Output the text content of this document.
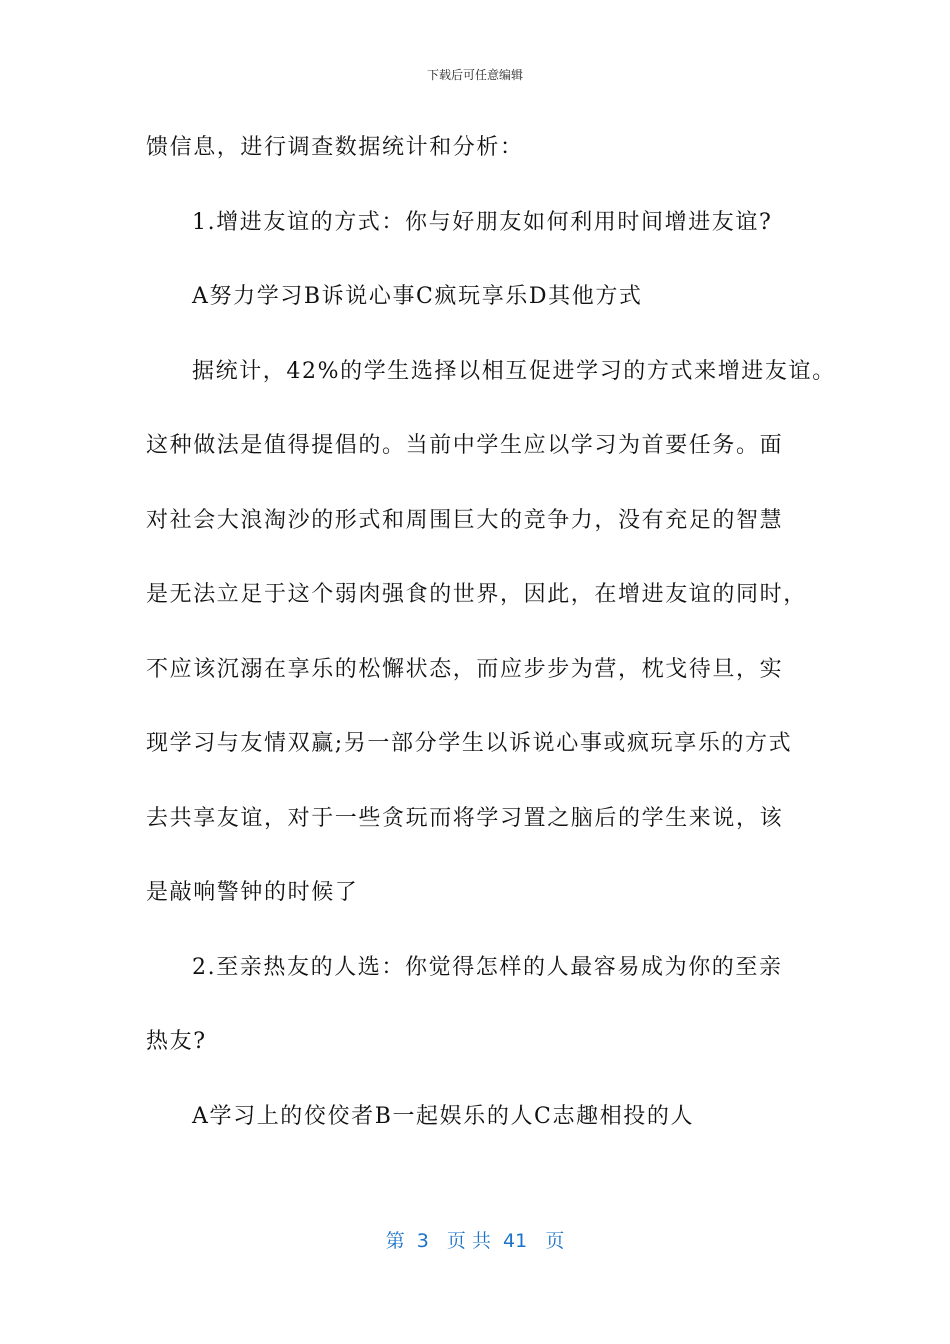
下载后可任意编辑
馈信息，进行调查数据统计和分析：
1.增进友谊的方式：你与好朋友如何利用时间增进友谊?
A努力学习B诉说心事C疯玩享乐D其他方式
据统计，42%的学生选择以相互促进学习的方式来增进友谊。
这种做法是值得提倡的。当前中学生应以学习为首要任务。面
对社会大浪淘沙的形式和周围巨大的竞争力，没有充足的智慧
是无法立足于这个弱肉强食的世界，因此，在增进友谊的同时，
不应该沉溺在享乐的松懈状态，而应步步为营，枕戈待旦，实
现学习与友情双赢;另一部分学生以诉说心事或疯玩享乐的方式
去共享友谊，对于一些贪玩而将学习置之脑后的学生来说，该
是敲响警钟的时候了
2.至亲热友的人选：你觉得怎样的人最容易成为你的至亲
热友?
A学习上的佼佼者B一起娱乐的人C志趣相投的人
第  3   页 共  41   页
